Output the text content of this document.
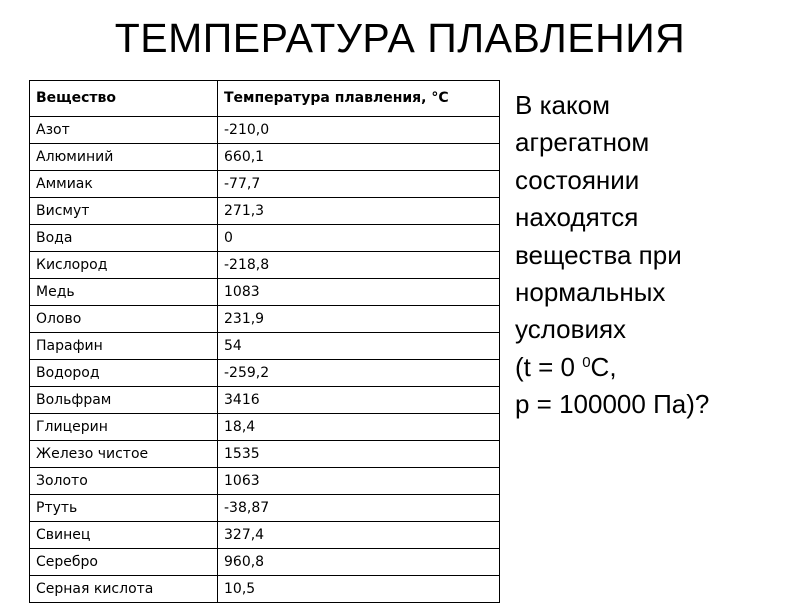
ТЕМПЕРАТУРА ПЛАВЛЕНИЯ
Вещество	Температура плавления, °С
Азот	-210,0
Алюминий	660,1
Аммиак	-77,7
Висмут	271,3
Вода	0
Кислород	-218,8
Медь	1083
Олово	231,9
Парафин	54
Водород	-259,2
Вольфрам	3416
Глицерин	18,4
Железо чистое	1535
Золото	1063
Ртуть	-38,87
Свинец	327,4
Серебро	960,8
Серная кислота	10,5

В каком

агрегатном

состоянии

находятся

вещества при

нормальных

условиях

(t = 0 $^0$С,

p = 100000 Па)?
